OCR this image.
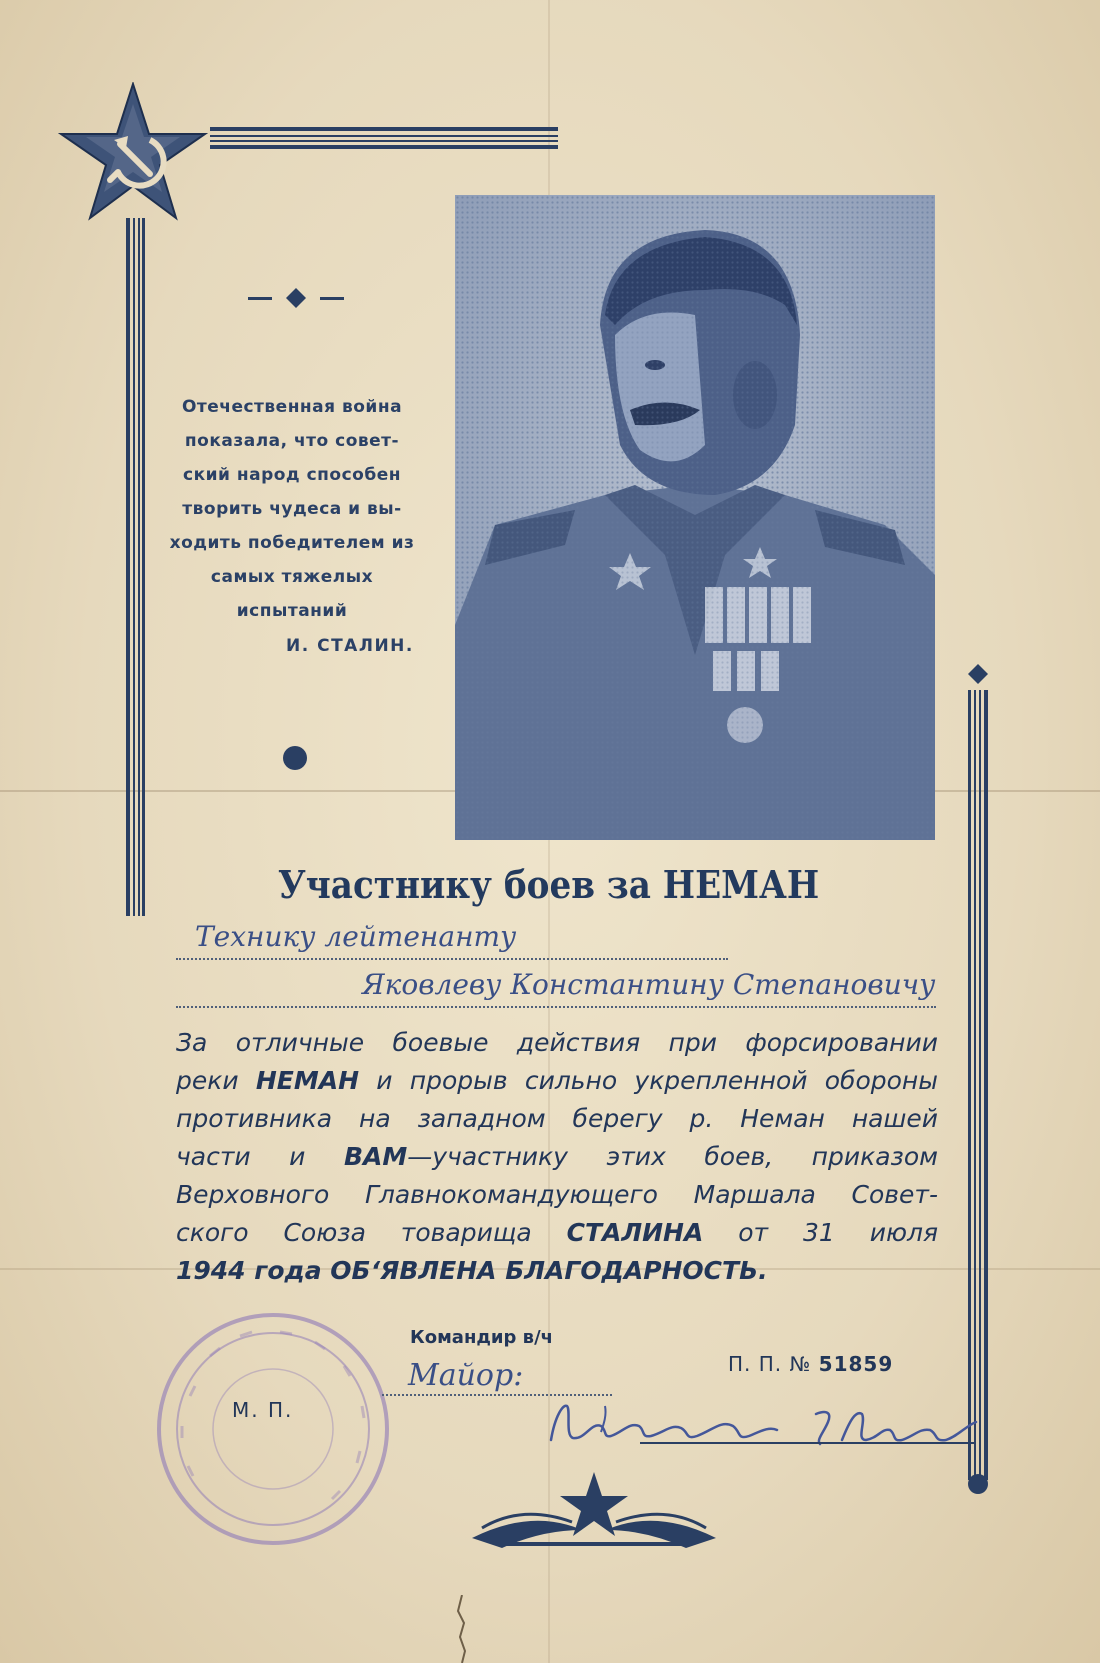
Отечественная война
показала, что совет-
ский народ способен
творить чудеса и вы-
ходить победителем из
самых тяжелых
испытаний
И. СТАЛИН.
Участнику боев за НЕМАН
Технику лейтенанту
Яковлеву Константину Степановичу
За отличные боевые действия при форсировании
реки НЕМАН и прорыв сильно укрепленной обороны
противника на западном берегу р. Неман нашей
части и ВАМ—участнику этих боев, приказом
Верховного Главнокомандующего Маршала Совет-
ского Союза товарища СТАЛИНА от 31 июля
1944 года ОБ‘ЯВЛЕНА БЛАГОДАРНОСТЬ.
Командир в/ч
П. П. № 51859
М. П.
Майор:
